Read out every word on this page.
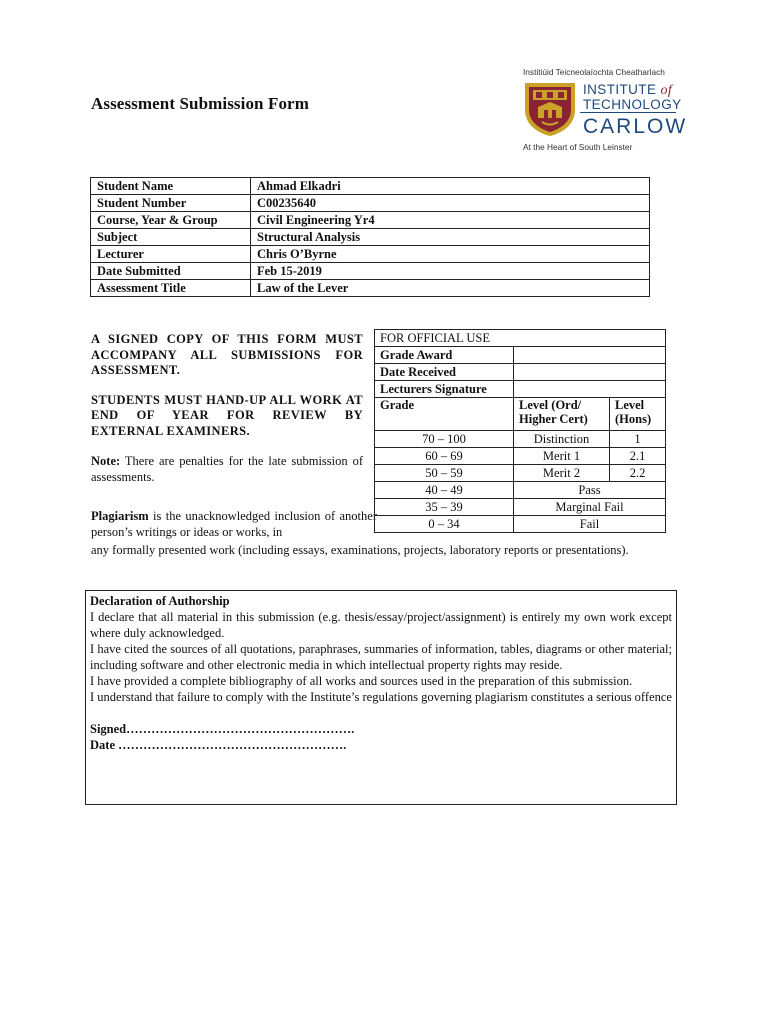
Assessment Submission Form
Institiúid Teicneolaíochta Cheatharlach
INSTITUTE of
TECHNOLOGY
CARLOW
At the Heart of South Leinster
Student Name	Ahmad Elkadri
Student Number	C00235640
Course, Year & Group	Civil Engineering Yr4
Subject	Structural Analysis
Lecturer	Chris O’Byrne
Date Submitted	Feb 15-2019
Assessment Title	Law of the Lever
A SIGNED COPY OF THIS FORM MUST ACCOMPANY ALL SUBMISSIONS FOR ASSESSMENT.
STUDENTS MUST HAND-UP ALL WORK AT END OF YEAR FOR REVIEW BY EXTERNAL EXAMINERS.
Note: There are penalties for the late submission of assessments.
Plagiarism is the unacknowledged inclusion of another person’s writings or ideas or works, in
any formally presented work (including essays, examinations, projects, laboratory reports or presentations).
FOR OFFICIAL USE		
Grade Award		
Date Received		
Lecturers Signature		
Grade	Level (Ord/ Higher Cert)	Level (Hons)
70 – 100	Distinction	1
60 – 69	Merit 1	2.1
50 – 59	Merit 2	2.2
40 – 49	Pass	
35 – 39	Marginal Fail	
0 – 34	Fail	

Declaration of Authorship

I declare that all material in this submission (e.g. thesis/essay/project/assignment) is entirely my own work except where duly acknowledged.

I have cited the sources of all quotations, paraphrases, summaries of information, tables, diagrams or other material; including software and other electronic media in which intellectual property rights may reside.

I have provided a complete bibliography of all works and sources used in the preparation of this submission.

I understand that failure to comply with the Institute’s regulations governing plagiarism constitutes a serious offence

Signed……………………………………………….

Date ……………………………………………….
